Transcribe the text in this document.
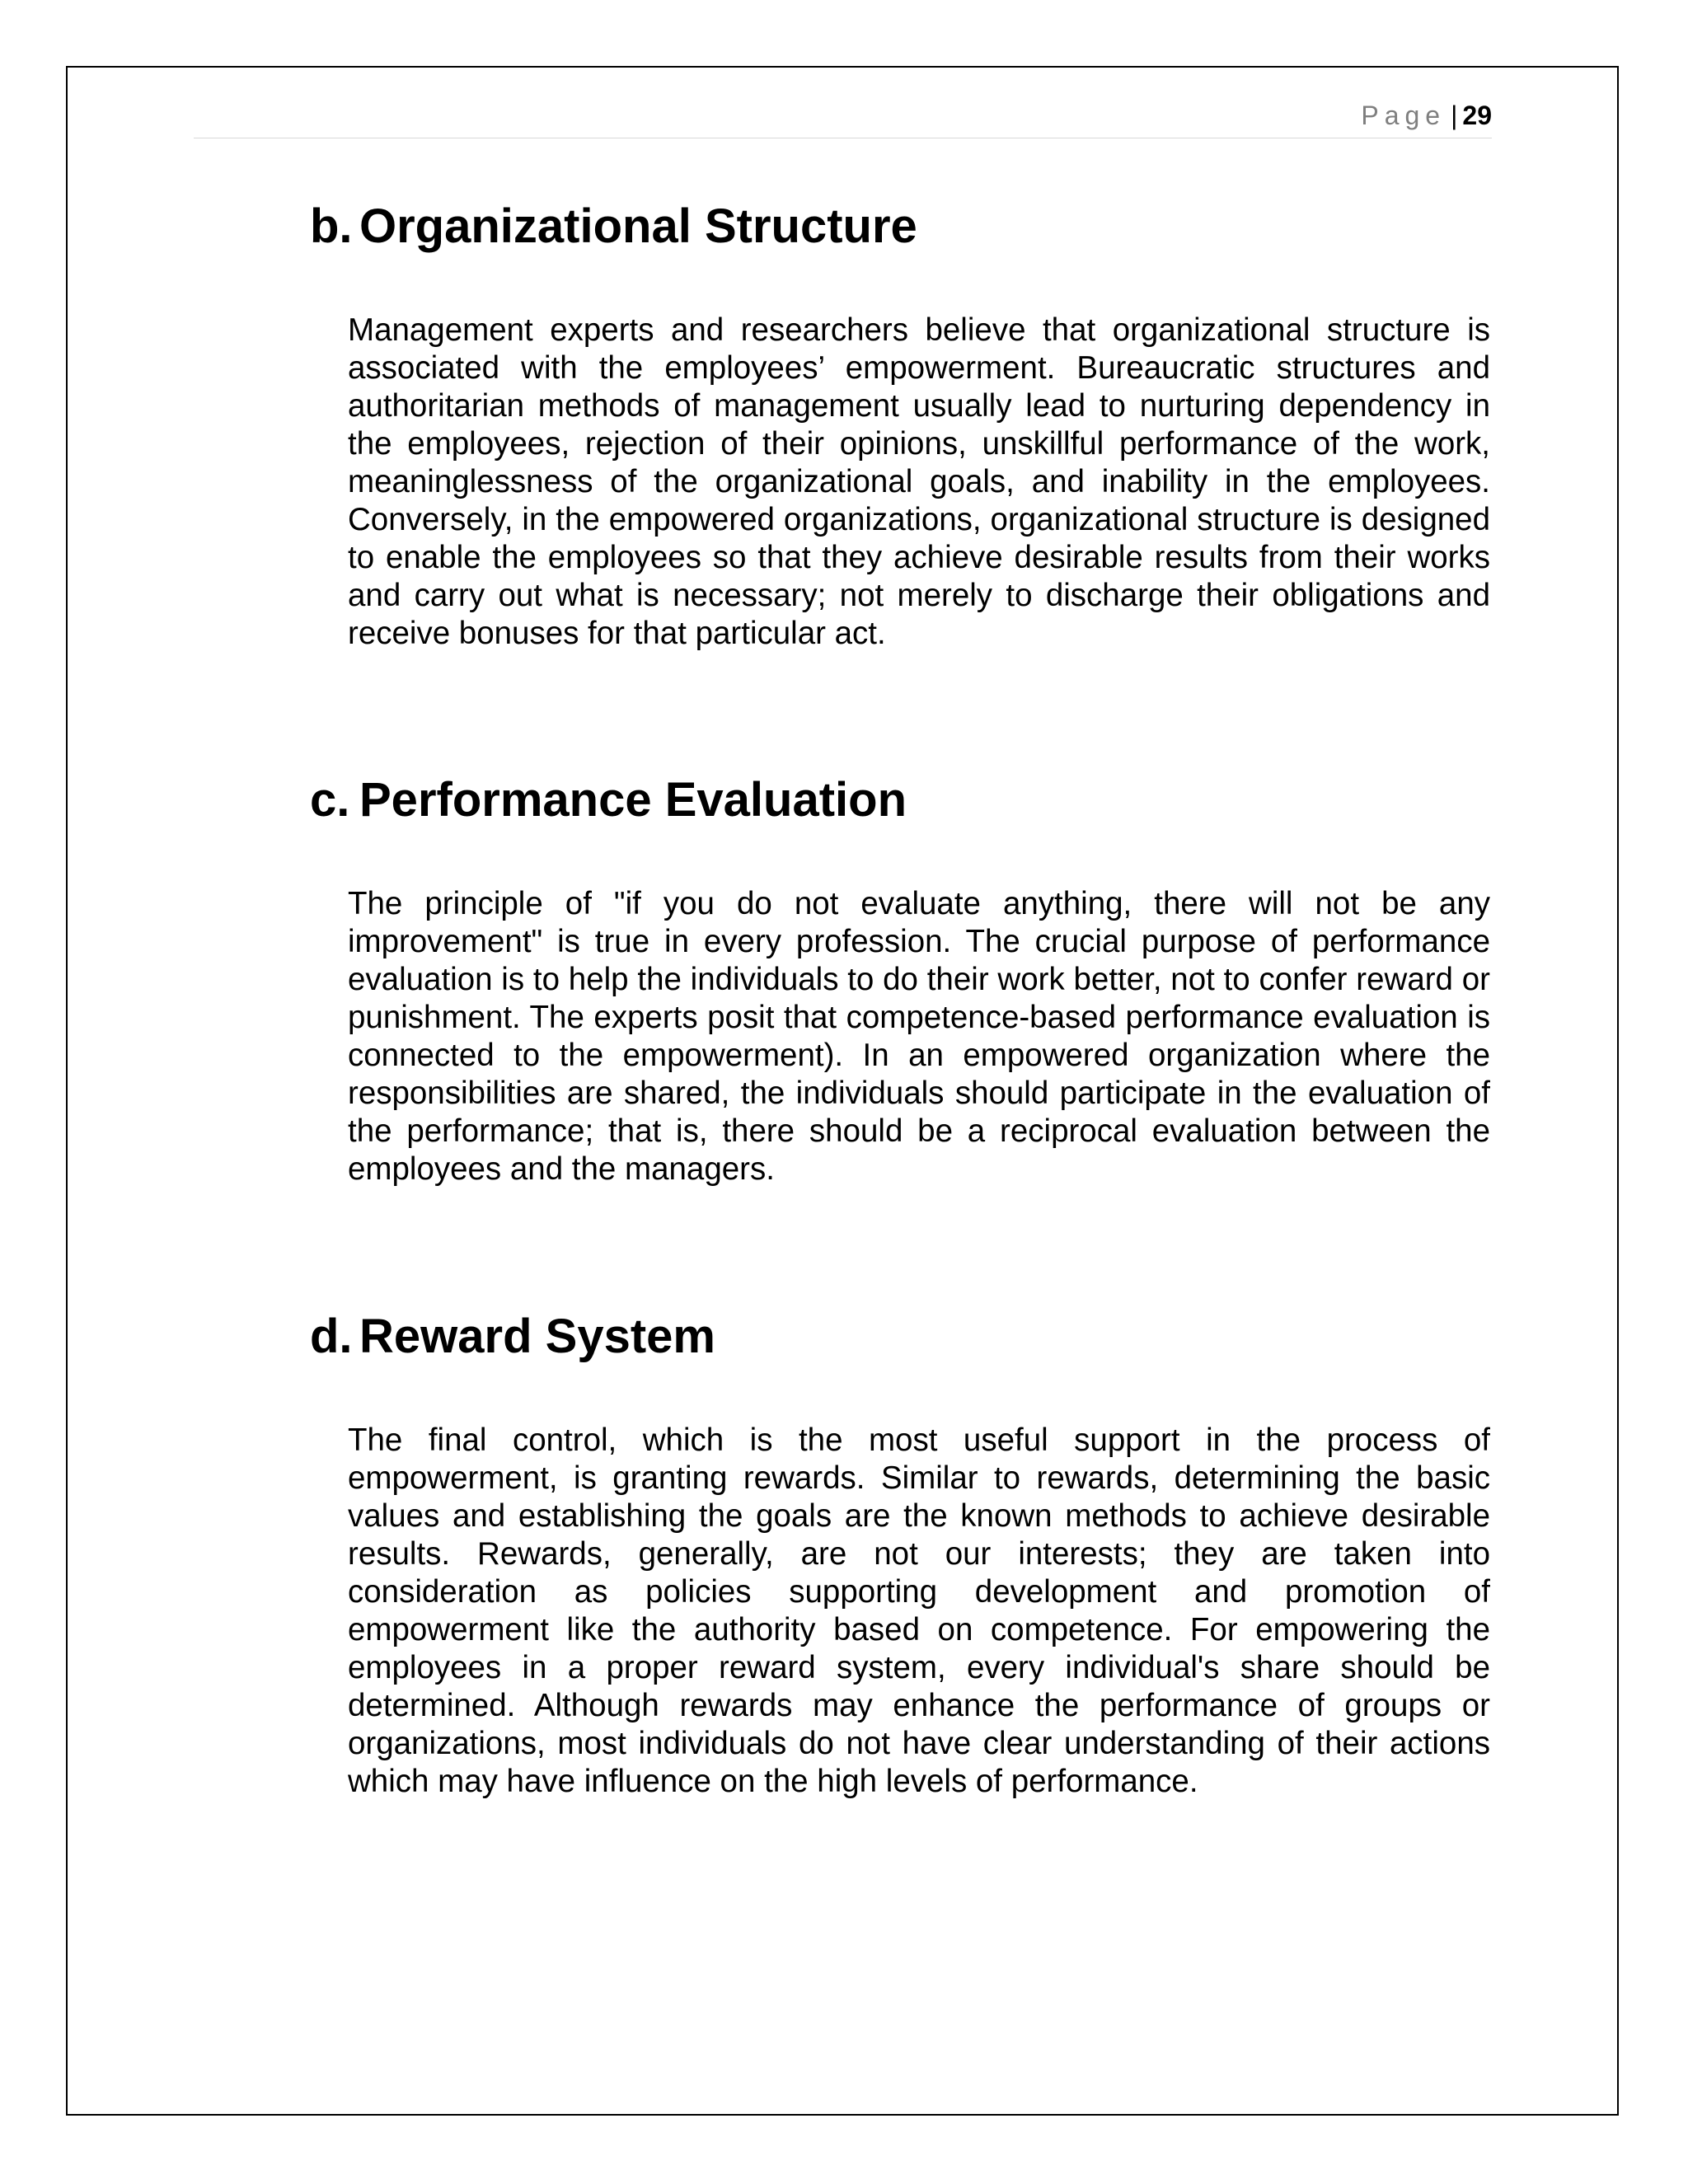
Page | 29
b. Organizational Structure

Management experts and researchers believe that organizational structure is associated with the employees’ empowerment. Bureaucratic structures and authoritarian methods of management usually lead to nurturing dependency in the employees, rejection of their opinions, unskillful performance of the work, meaninglessness of the organizational goals, and inability in the employees. Conversely, in the empowered organizations, organizational structure is designed to enable the employees so that they achieve desirable results from their works and carry out what is necessary; not merely to discharge their obligations and receive bonuses for that particular act.

c. Performance Evaluation

The principle of "if you do not evaluate anything, there will not be any improvement" is true in every profession. The crucial purpose of performance evaluation is to help the individuals to do their work better, not to confer reward or punishment. The experts posit that competence-based performance evaluation is connected to the empowerment). In an empowered organization where the responsibilities are shared, the individuals should participate in the evaluation of the performance; that is, there should be a reciprocal evaluation between the employees and the managers.

d. Reward System

The final control, which is the most useful support in the process of empowerment, is granting rewards. Similar to rewards, determining the basic values and establishing the goals are the known methods to achieve desirable results. Rewards, generally, are not our interests; they are taken into consideration as policies supporting development and promotion of empowerment like the authority based on competence. For empowering the employees in a proper reward system, every individual's share should be determined. Although rewards may enhance the performance of groups or organizations, most individuals do not have clear understanding of their actions which may have influence on the high levels of performance.
